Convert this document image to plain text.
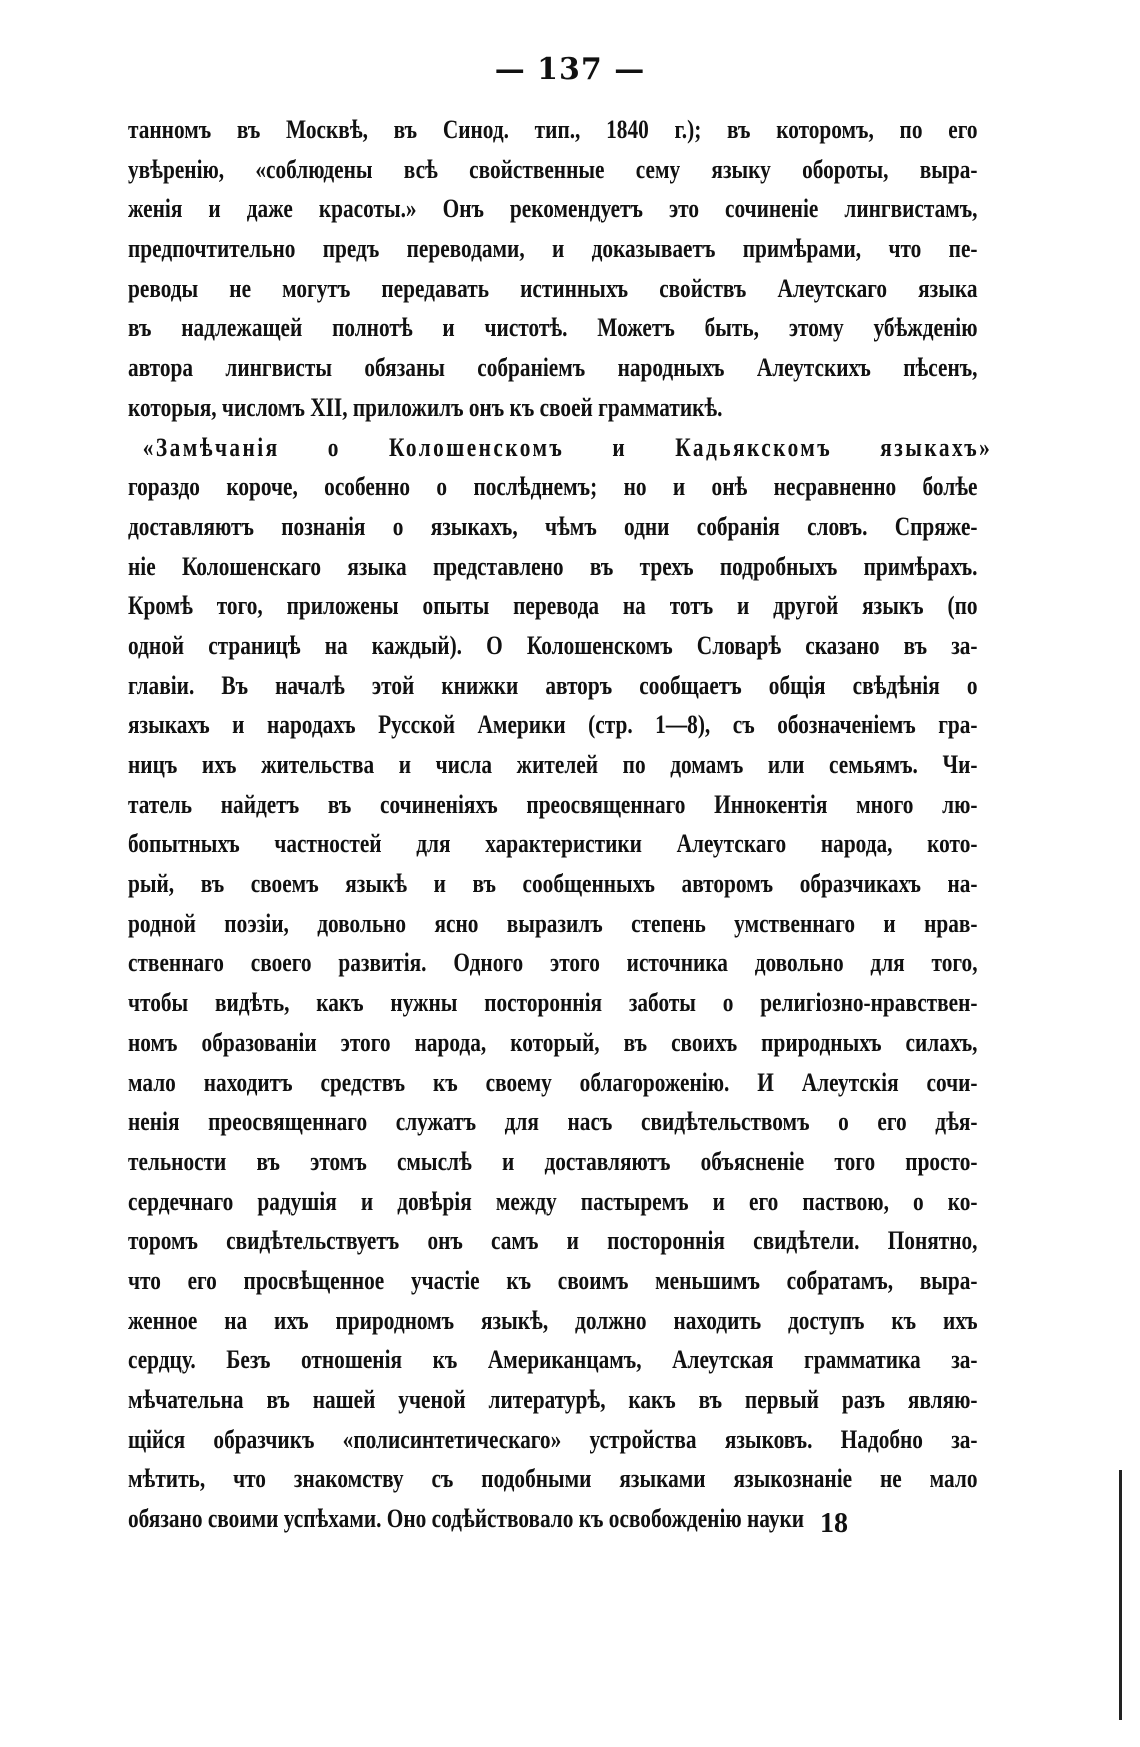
— 137 —
танномъ въ Москвѣ, въ Синод. тип., 1840 г.); въ которомъ, по его
увѣренію, «соблюдены всѣ свойственные сему языку обороты, выра-
женія и даже красоты.» Онъ рекомендуетъ это сочиненіе лингвистамъ,
предпочтительно предъ переводами, и доказываетъ примѣрами, что пе-
реводы не могутъ передавать истинныхъ свойствъ Алеутскаго языка
въ надлежащей полнотѣ и чистотѣ. Можетъ быть, этому убѣжденію
автора лингвисты обязаны собраніемъ народныхъ Алеутскихъ пѣсенъ,
которыя, числомъ XII, приложилъ онъ къ своей грамматикѣ.
«Замѣчанія о Колошенскомъ и Кадьякскомъ языкахъ»
гораздо короче, особенно о послѣднемъ; но и онѣ несравненно болѣе
доставляютъ познанія о языкахъ, чѣмъ одни собранія словъ. Спряже-
ніе Колошенскаго языка представлено въ трехъ подробныхъ примѣрахъ.
Кромѣ того, приложены опыты перевода на тотъ и другой языкъ (по
одной страницѣ на каждый). О Колошенскомъ Словарѣ сказано въ за-
главіи. Въ началѣ этой книжки авторъ сообщаетъ общія свѣдѣнія о
языкахъ и народахъ Русской Америки (стр. 1—8), съ обозначеніемъ гра-
ницъ ихъ жительства и числа жителей по домамъ или семьямъ. Чи-
татель найдетъ въ сочиненіяхъ преосвященнаго Иннокентія много лю-
бопытныхъ частностей для характеристики Алеутскаго народа, кото-
рый, въ своемъ языкѣ и въ сообщенныхъ авторомъ образчикахъ на-
родной поэзіи, довольно ясно выразилъ степень умственнаго и нрав-
ственнаго своего развитія. Одного этого источника довольно для того,
чтобы видѣть, какъ нужны постороннія заботы о религіозно-нравствен-
номъ образованіи этого народа, который, въ своихъ природныхъ силахъ,
мало находитъ средствъ къ своему облагороженію. И Алеутскія сочи-
ненія преосвященнаго служатъ для насъ свидѣтельствомъ о его дѣя-
тельности въ этомъ смыслѣ и доставляютъ объясненіе того просто-
сердечнаго радушія и довѣрія между пастыремъ и его паствою, о ко-
торомъ свидѣтельствуетъ онъ самъ и постороннія свидѣтели. Понятно,
что его просвѣщенное участіе къ своимъ меньшимъ собратамъ, выра-
женное на ихъ природномъ языкѣ, должно находить доступъ къ ихъ
сердцу. Безъ отношенія къ Американцамъ, Алеутская грамматика за-
мѣчательна въ нашей ученой литературѣ, какъ въ первый разъ являю-
щійся образчикъ «полисинтетическаго» устройства языковъ. Надобно за-
мѣтить, что знакомству съ подобными языками языкознаніе не мало
обязано своими успѣхами. Оно содѣйствовало къ освобожденію науки 18
